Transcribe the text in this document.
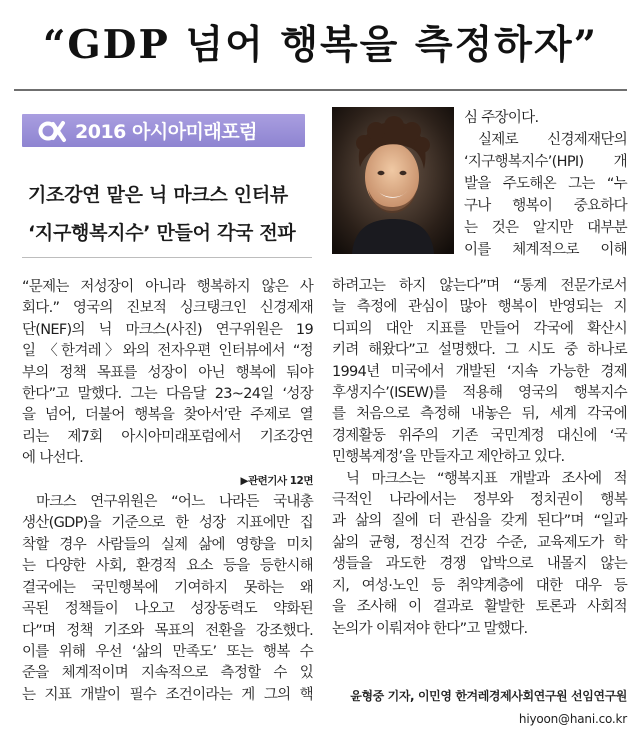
“GDP 넘어 행복을 측정하자”
2016 아시아미래포럼
기조강연 맡은 닉 마크스 인터뷰
‘지구행복지수’ 만들어 각국 전파

심 주장이다.

실제로 신경제재단의

‘지구행복지수’(HPI) 개

발을 주도해온 그는 “누

구나 행복이 중요하다

는 것은 알지만 대부분

이를 체계적으로 이해

“문제는 저성장이 아니라 행복하지 않은 사

회다.” 영국의 진보적 싱크탱크인 신경제재

단(NEF)의 닉 마크스(사진) 연구위원은 19

일 〈한겨레〉와의 전자우편 인터뷰에서 “정

부의 정책 목표를 성장이 아닌 행복에 둬야

한다”고 말했다. 그는 다음달 23~24일 ‘성장

을 넘어, 더불어 행복을 찾아서’란 주제로 열

리는 제7회 아시아미래포럼에서 기조강연

에 나선다.

▶관련기사 12면

마크스 연구위원은 “어느 나라든 국내총

생산(GDP)을 기준으로 한 성장 지표에만 집

착할 경우 사람들의 실제 삶에 영향을 미치

는 다양한 사회, 환경적 요소 등을 등한시해

결국에는 국민행복에 기여하지 못하는 왜

곡된 정책들이 나오고 성장동력도 약화된

다”며 정책 기조와 목표의 전환을 강조했다.

이를 위해 우선 ‘삶의 만족도’ 또는 행복 수

준을 체계적이며 지속적으로 측정할 수 있

는 지표 개발이 필수 조건이라는 게 그의 핵

하려고는 하지 않는다”며 “통계 전문가로서

늘 측정에 관심이 많아 행복이 반영되는 지

디피의 대안 지표를 만들어 각국에 확산시

키려 해왔다”고 설명했다. 그 시도 중 하나로

1994년 미국에서 개발된 ‘지속 가능한 경제

후생지수’(ISEW)를 적용해 영국의 행복지수

를 처음으로 측정해 내놓은 뒤, 세계 각국에

경제활동 위주의 기존 국민계정 대신에 ‘국

민행복계정’을 만들자고 제안하고 있다.

닉 마크스는 “행복지표 개발과 조사에 적

극적인 나라에서는 정부와 정치권이 행복

과 삶의 질에 더 관심을 갖게 된다”며 “일과

삶의 균형, 정신적 건강 수준, 교육제도가 학

생들을 과도한 경쟁 압박으로 내몰지 않는

지, 여성·노인 등 취약계층에 대한 대우 등

을 조사해 이 결과로 활발한 토론과 사회적

논의가 이뤄져야 한다”고 말했다.

윤형중 기자, 이민영 한겨레경제사회연구원 선임연구원
hiyoon@hani.co.kr
